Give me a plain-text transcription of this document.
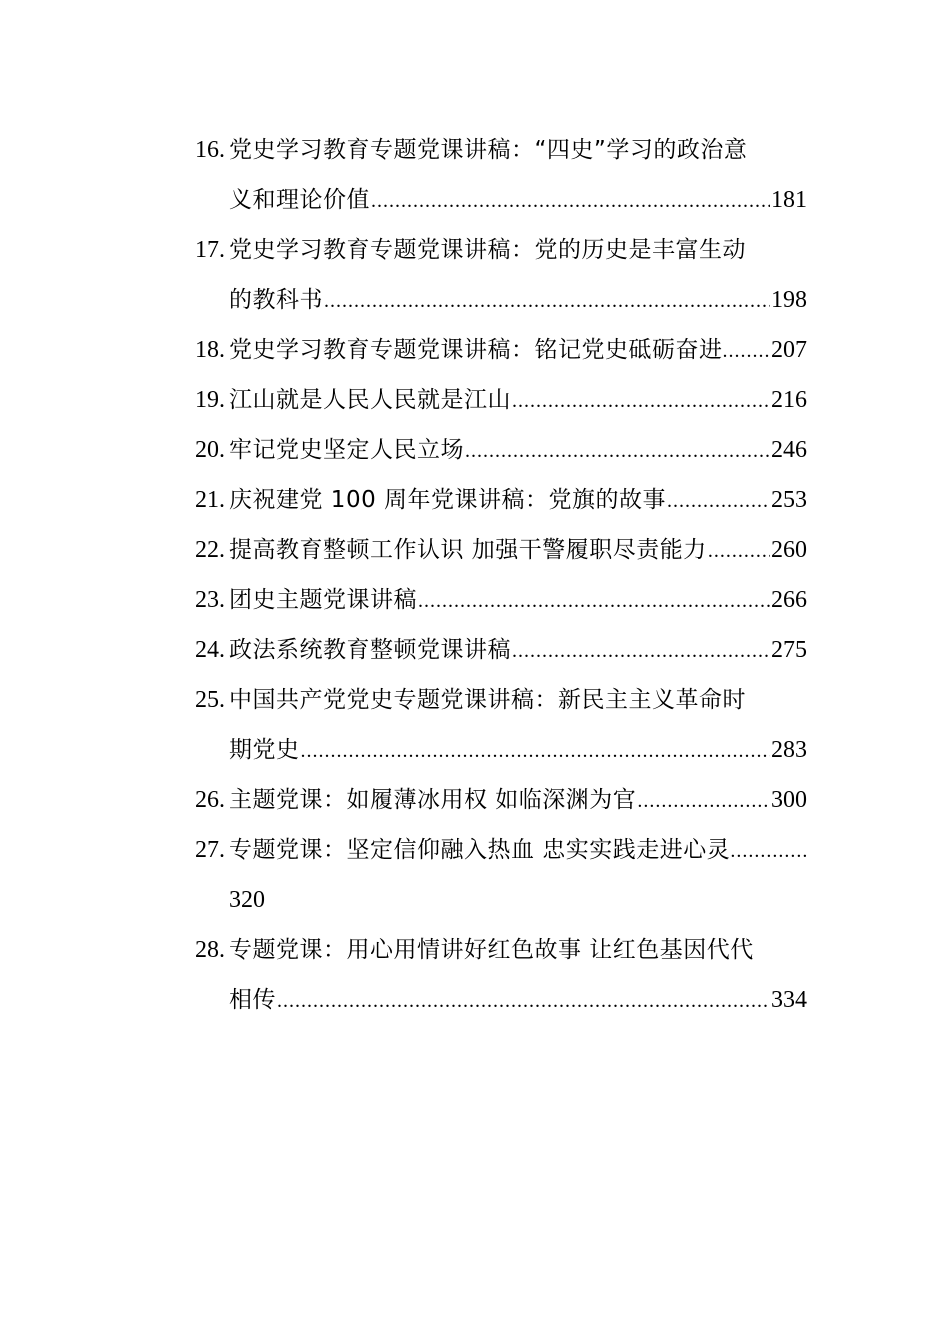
16. 党史学习教育专题党课讲稿：“四史”学习的政治意
义和理论价值 .....	181
17. 党史学习教育专题党课讲稿：党的历史是丰富生动
的教科书 .....	198
18. 党史学习教育专题党课讲稿：铭记党史砥砺奋进 ..... 207
19. 江山就是人民人民就是江山 .....	216
20. 牢记党史坚定人民立场 .....	246
21. 庆祝建党 100 周年党课讲稿：党旗的故事 .....	253
22. 提高教育整顿工作认识 加强干警履职尽责能力 .....	260
23. 团史主题党课讲稿 .....	266
24. 政法系统教育整顿党课讲稿 .....	275
25. 中国共产党党史专题党课讲稿：新民主主义革命时
期党史 .....	283
26. 主题党课：如履薄冰用权 如临深渊为官 .....	300
27. 专题党课：坚定信仰融入热血 忠实实践走进心灵
.....
320
28. 专题党课：用心用情讲好红色故事 让红色基因代代
相传 .....	334
